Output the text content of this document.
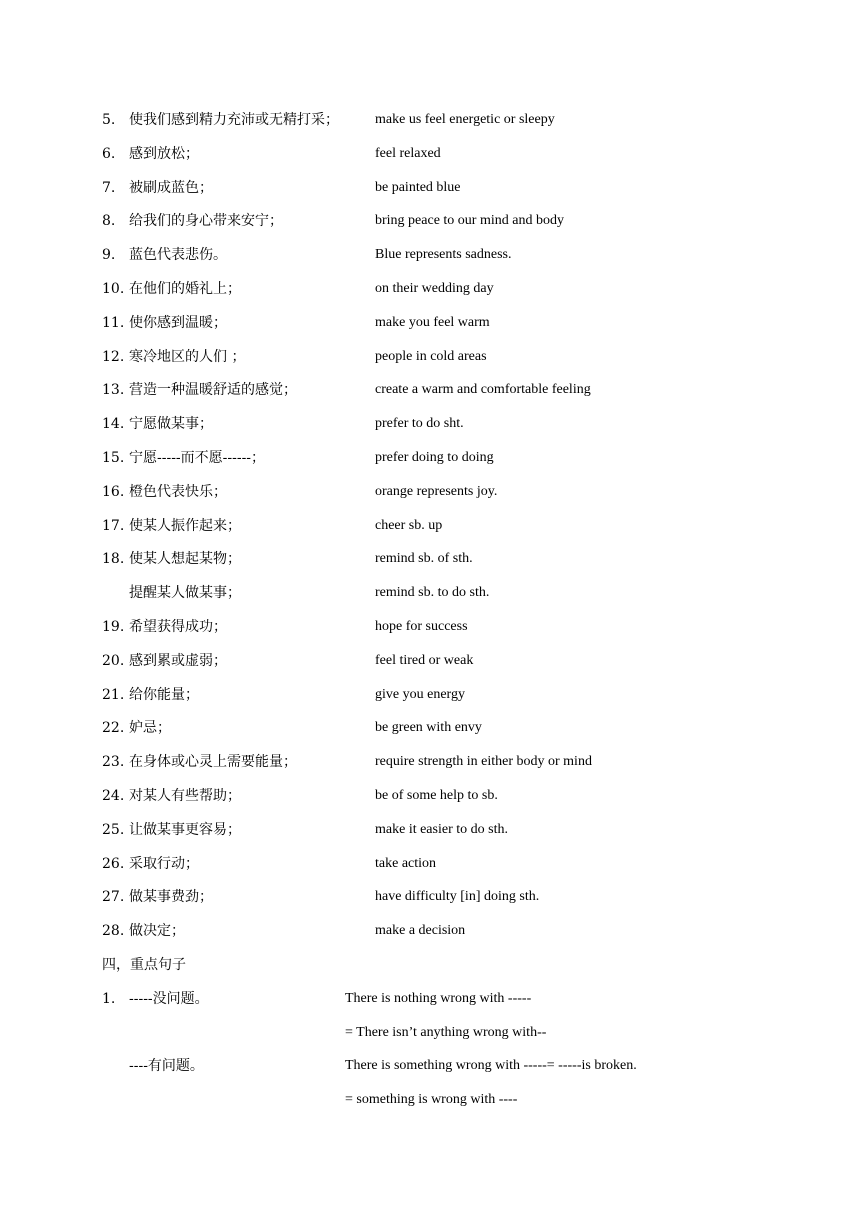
5. 使我们感到精力充沛或无精打采；	make us feel energetic or sleepy
6. 感到放松；	feel relaxed
7. 被刷成蓝色；	be painted blue
8. 给我们的身心带来安宁；	bring peace to our mind and body
9. 蓝色代表悲伤。	Blue represents sadness.
10. 在他们的婚礼上；	on their wedding day
11. 使你感到温暖；	make you feel warm
12. 寒冷地区的人们 ；	people in cold areas
13. 营造一种温暖舒适的感觉；	create a warm and comfortable feeling
14. 宁愿做某事；	prefer to do sht.
15. 宁愿-----而不愿------；	prefer doing to doing
16. 橙色代表快乐；	orange represents joy.
17. 使某人振作起来；	cheer sb. up
18. 使某人想起某物；	remind sb. of sth.
提醒某人做某事；	remind sb. to do sth.
19. 希望获得成功；	hope for success
20. 感到累或虚弱；	feel tired or weak
21. 给你能量；	give you energy
22. 妒忌；	be green with envy
23. 在身体或心灵上需要能量；	require strength in either body or mind
24. 对某人有些帮助；	be of some help to sb.
25. 让做某事更容易；	make it easier to do sth.
26. 采取行动；	take action
27. 做某事费劲；	have difficulty [in] doing sth.
28. 做决定；	make a decision
四，重点句子
1. -----没问题。	There is nothing wrong with -----
= There isn’t anything wrong with--
----有问题。	There is something wrong with -----= -----is broken.
= something is wrong with ----
